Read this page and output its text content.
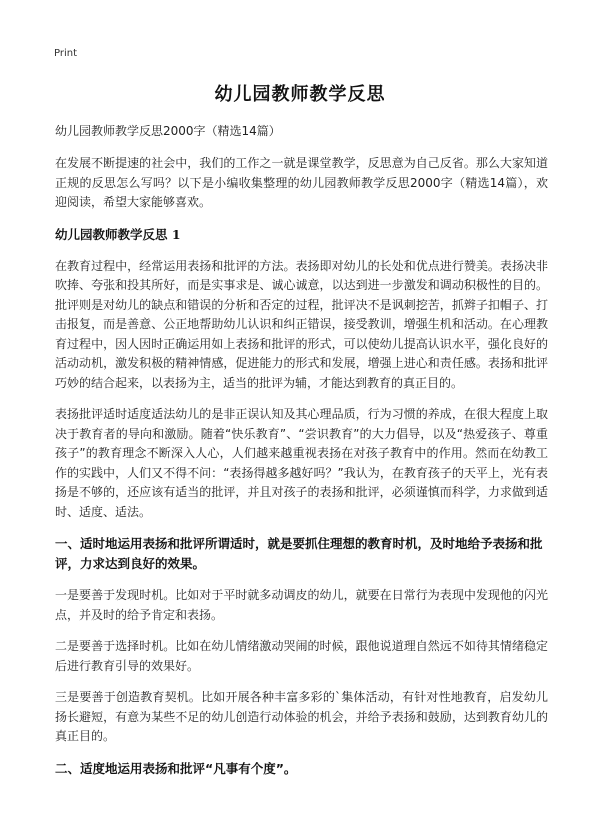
Print
幼儿园教师教学反思

幼儿园教师教学反思2000字（精选14篇）

在发展不断提速的社会中，我们的工作之一就是课堂教学，反思意为自己反省。那么大家知道正规的反思怎么写吗？以下是小编收集整理的幼儿园教师教学反思2000字（精选14篇），欢迎阅读，希望大家能够喜欢。

幼儿园教师教学反思 1

在教育过程中，经常运用表扬和批评的方法。表扬即对幼儿的长处和优点进行赞美。表扬决非吹捧、夸张和投其所好，而是实事求是、诚心诚意，以达到进一步激发和调动积极性的目的。批评则是对幼儿的缺点和错误的分析和否定的过程，批评决不是讽刺挖苦，抓辫子扣帽子、打击报复，而是善意、公正地帮助幼儿认识和纠正错误，接受教训，增强生机和活动。在心理教育过程中，因人因时正确运用如上表扬和批评的形式，可以使幼儿提高认识水平，强化良好的活动动机，激发积极的精神情感，促进能力的形式和发展，增强上进心和责任感。表扬和批评巧妙的结合起来，以表扬为主，适当的批评为辅，才能达到教育的真正目的。

表扬批评适时适度适法幼儿的是非正误认知及其心理品质，行为习惯的养成，在很大程度上取决于教育者的导向和激励。随着“快乐教育”、“尝识教育”的大力倡导，以及“热爱孩子、尊重孩子”的教育理念不断深入人心，人们越来越重视表扬在对孩子教育中的作用。然而在幼教工作的实践中，人们又不得不问：“表扬得越多越好吗？”我认为，在教育孩子的天平上，光有表扬是不够的，还应该有适当的批评，并且对孩子的表扬和批评，必须谨慎而科学，力求做到适时、适度、适法。

一、适时地运用表扬和批评所谓适时，就是要抓住理想的教育时机，及时地给予表扬和批评，力求达到良好的效果。

一是要善于发现时机。比如对于平时就多动调皮的幼儿，就要在日常行为表现中发现他的闪光点，并及时的给予肯定和表扬。

二是要善于选择时机。比如在幼儿情绪激动哭闹的时候，跟他说道理自然远不如待其情绪稳定后进行教育引导的效果好。

三是要善于创造教育契机。比如开展各种丰富多彩的`集体活动，有针对性地教育，启发幼儿扬长避短，有意为某些不足的幼儿创造行动体验的机会，并给予表扬和鼓励，达到教育幼儿的真正目的。

二、适度地运用表扬和批评“凡事有个度”。
